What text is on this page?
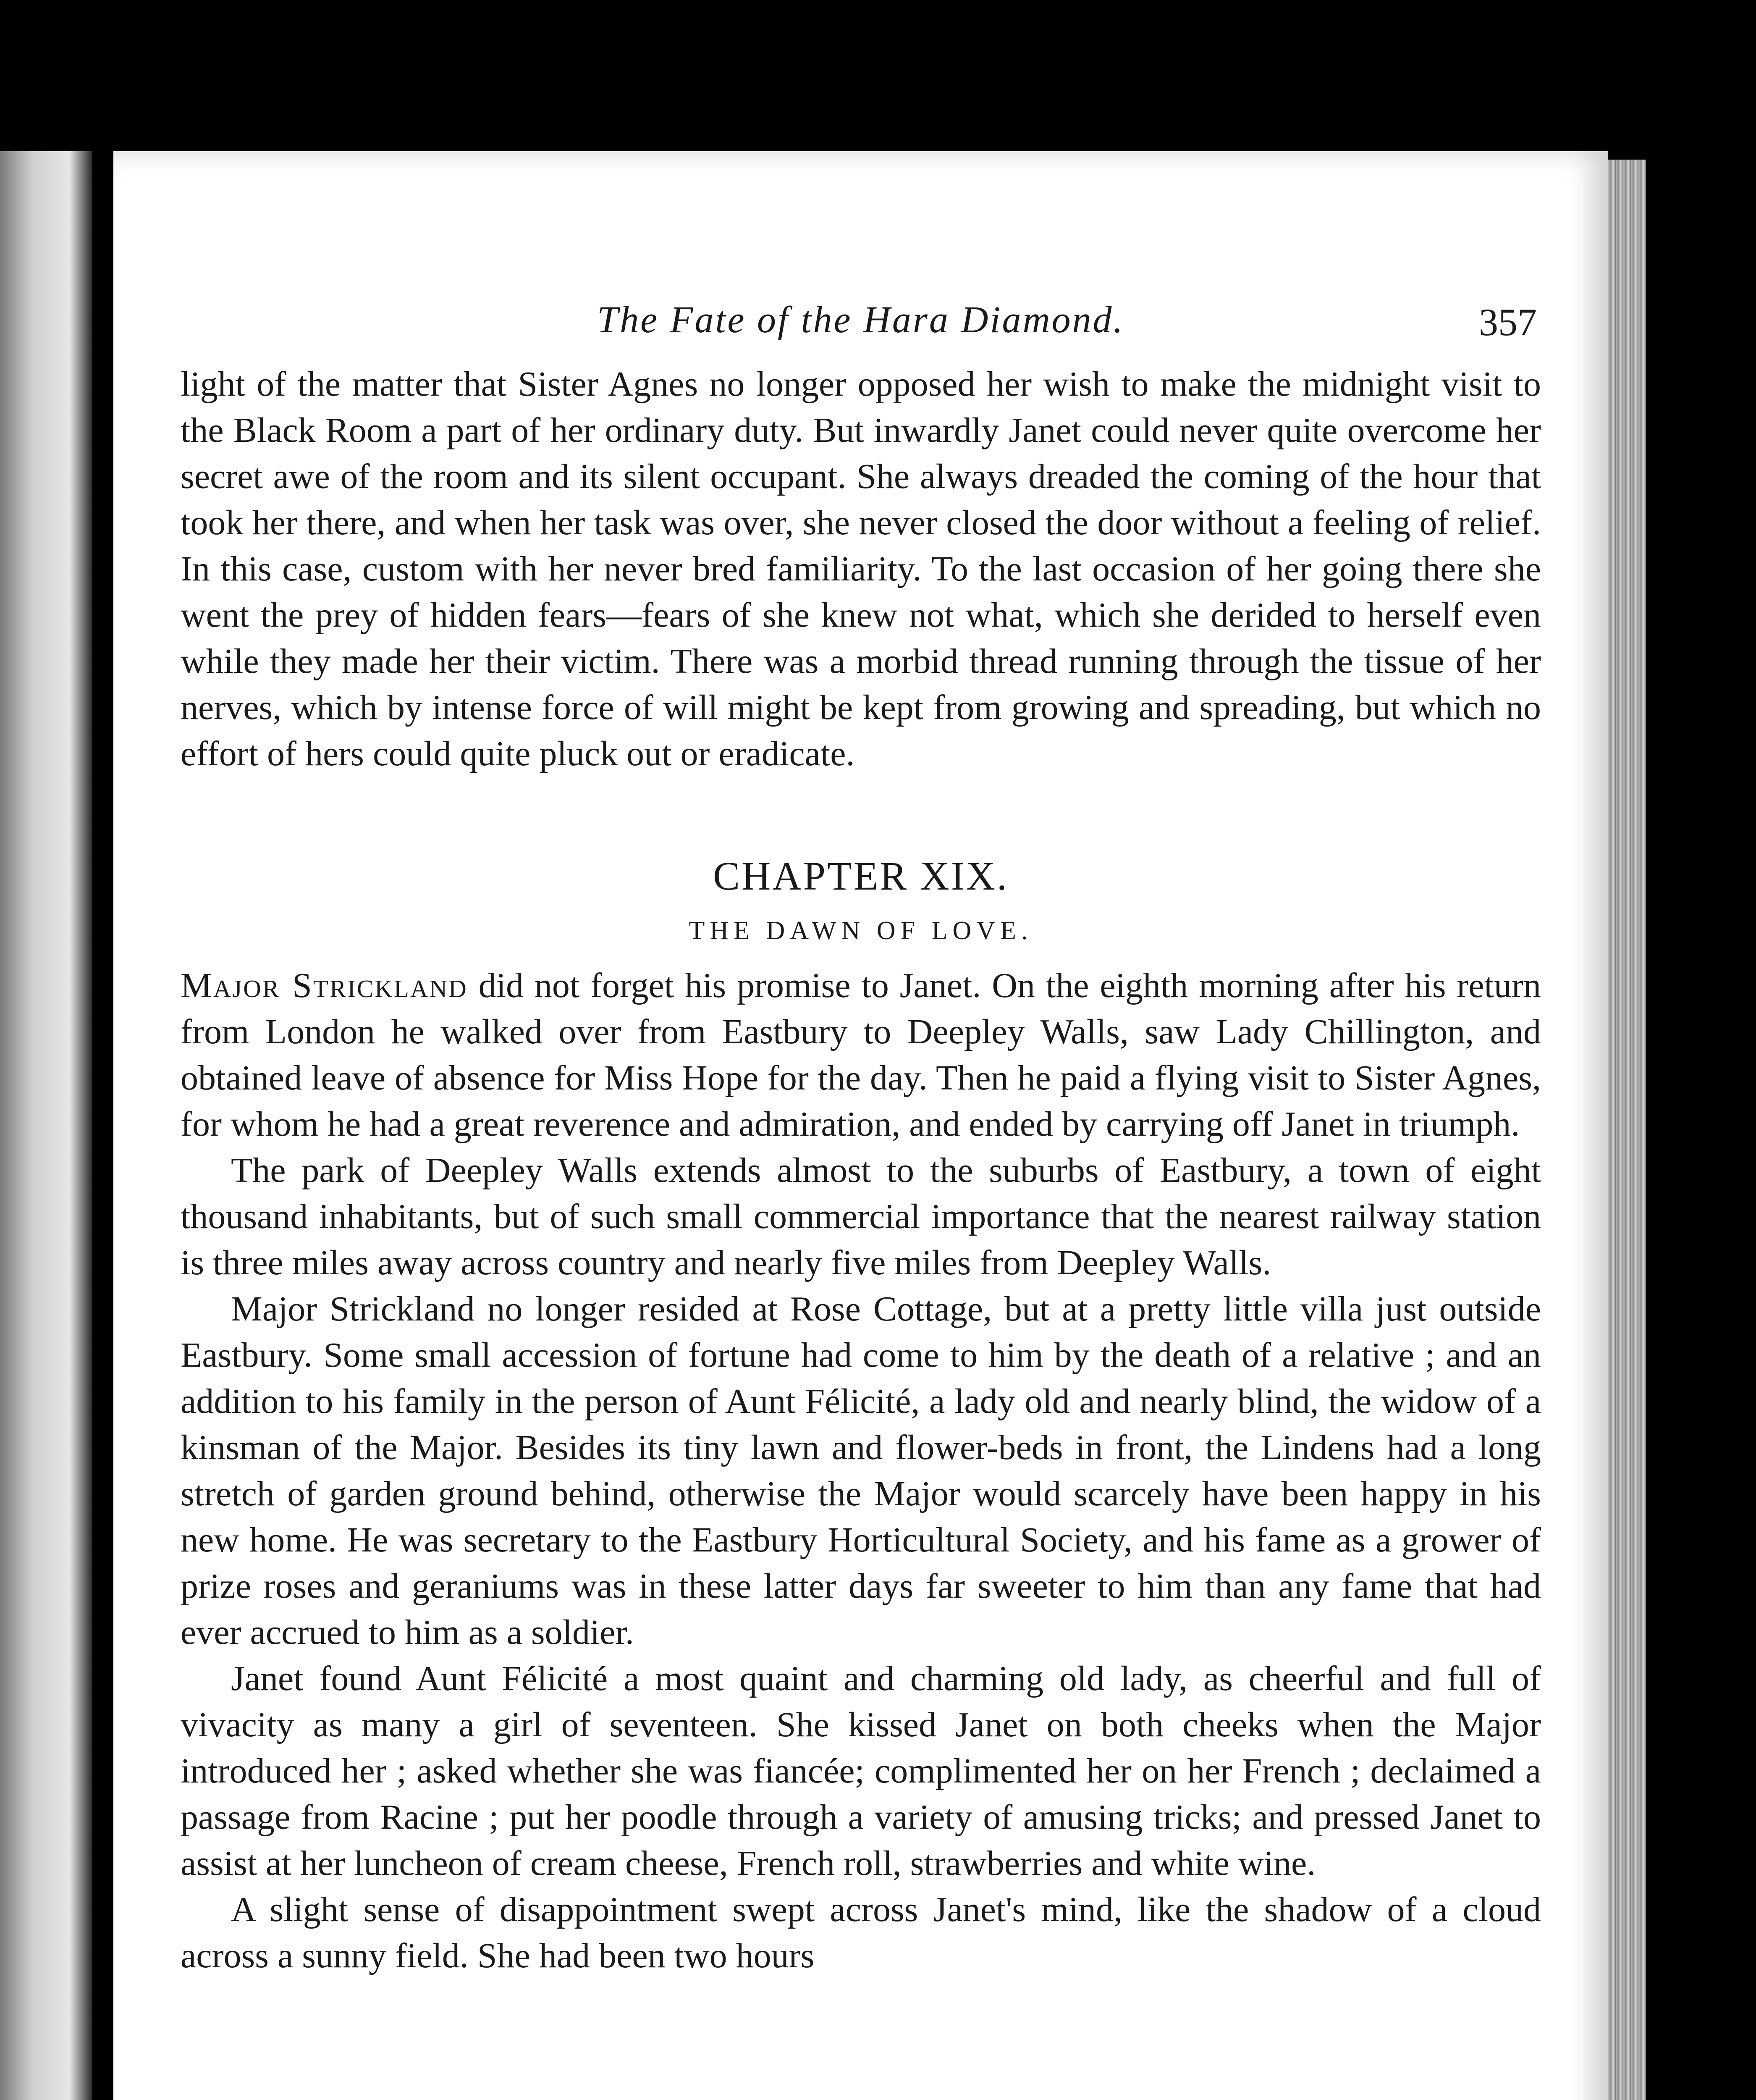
The Fate of the Hara Diamond.	357

light of the matter that Sister Agnes no longer opposed her wish to make the midnight visit to the Black Room a part of her ordinary duty. But inwardly Janet could never quite overcome her secret awe of the room and its silent occupant. She always dreaded the coming of the hour that took her there, and when her task was over, she never closed the door without a feeling of relief. In this case, custom with her never bred familiarity. To the last occasion of her going there she went the prey of hidden fears—fears of she knew not what, which she derided to herself even while they made her their victim. There was a morbid thread running through the tissue of her nerves, which by intense force of will might be kept from growing and spreading, but which no effort of hers could quite pluck out or eradicate.

CHAPTER XIX.
THE DAWN OF LOVE.

Major Strickland did not forget his promise to Janet. On the eighth morning after his return from London he walked over from Eastbury to Deepley Walls, saw Lady Chillington, and obtained leave of absence for Miss Hope for the day. Then he paid a flying visit to Sister Agnes, for whom he had a great reverence and admiration, and ended by carrying off Janet in triumph.

The park of Deepley Walls extends almost to the suburbs of Eastbury, a town of eight thousand inhabitants, but of such small commercial importance that the nearest railway station is three miles away across country and nearly five miles from Deepley Walls.

Major Strickland no longer resided at Rose Cottage, but at a pretty little villa just outside Eastbury. Some small accession of fortune had come to him by the death of a relative ; and an addition to his family in the person of Aunt Félicité, a lady old and nearly blind, the widow of a kinsman of the Major. Besides its tiny lawn and flower-beds in front, the Lindens had a long stretch of garden ground behind, otherwise the Major would scarcely have been happy in his new home. He was secretary to the Eastbury Horticultural Society, and his fame as a grower of prize roses and geraniums was in these latter days far sweeter to him than any fame that had ever accrued to him as a soldier.

Janet found Aunt Félicité a most quaint and charming old lady, as cheerful and full of vivacity as many a girl of seventeen. She kissed Janet on both cheeks when the Major introduced her ; asked whether she was fiancée; complimented her on her French ; declaimed a passage from Racine ; put her poodle through a variety of amusing tricks; and pressed Janet to assist at her luncheon of cream cheese, French roll, strawberries and white wine.

A slight sense of disappointment swept across Janet's mind, like the shadow of a cloud across a sunny field. She had been two hours
